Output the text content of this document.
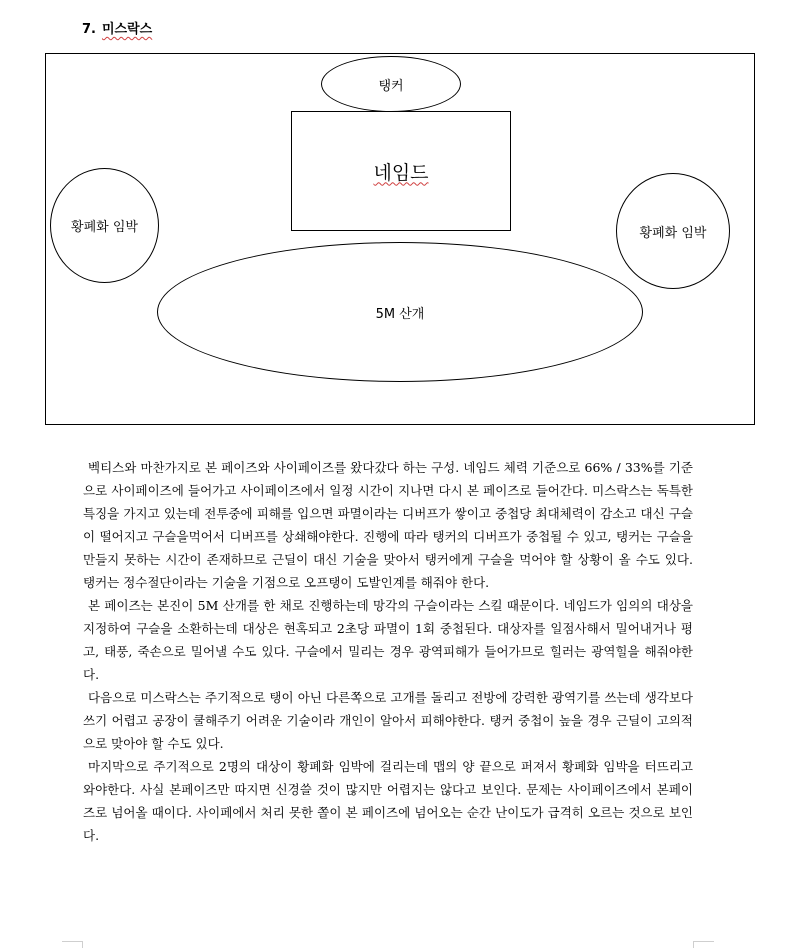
7. 미스락스
5M 산개
황폐화 임박	황폐화 임박
네임드
탱커

벡티스와 마찬가지로 본 페이즈와 사이페이즈를 왔다갔다 하는 구성. 네임드 체력 기준으로 66% / 33%를 기준으로 사이페이즈에 들어가고 사이페이즈에서 일정 시간이 지나면 다시 본 페이즈로 들어간다. 미스락스는 독특한 특징을 가지고 있는데 전투중에 피해를 입으면 파멸이라는 디버프가 쌓이고 중첩당 최대체력이 감소고 대신 구슬이 떨어지고 구슬을먹어서 디버프를 상쇄해야한다. 진행에 따라 탱커의 디버프가 중첩될 수 있고, 탱커는 구슬을 만들지 못하는 시간이 존재하므로 근딜이 대신 기술을 맞아서 탱커에게 구슬을 먹어야 할 상황이 올 수도 있다. 탱커는 정수절단이라는 기술을 기점으로 오프탱이 도발인계를 해줘야 한다.

본 페이즈는 본진이 5M 산개를 한 채로 진행하는데 망각의 구슬이라는 스킬 때문이다. 네임드가 임의의 대상을 지정하여 구슬을 소환하는데 대상은 현혹되고 2초당 파멸이 1회 중첩된다. 대상자를 일점사해서 밀어내거나 평고, 태풍, 죽손으로 밀어낼 수도 있다. 구슬에서 밀리는 경우 광역피해가 들어가므로 힐러는 광역힐을 해줘야한다.

다음으로 미스락스는 주기적으로 탱이 아닌 다른쪽으로 고개를 돌리고 전방에 강력한 광역기를 쓰는데 생각보다 쓰기 어렵고 공장이 쿨해주기 어려운 기술이라 개인이 알아서 피해야한다. 탱커 중첩이 높을 경우 근딜이 고의적으로 맞아야 할 수도 있다.

마지막으로 주기적으로 2명의 대상이 황폐화 임박에 걸리는데 맵의 양 끝으로 퍼져서 황폐화 임박을 터뜨리고 와야한다. 사실 본페이즈만 따지면 신경쓸 것이 많지만 어렵지는 않다고 보인다. 문제는 사이페이즈에서 본페이즈로 넘어올 때이다. 사이페에서 처리 못한 쫄이 본 페이즈에 넘어오는 순간 난이도가 급격히 오르는 것으로 보인다.
